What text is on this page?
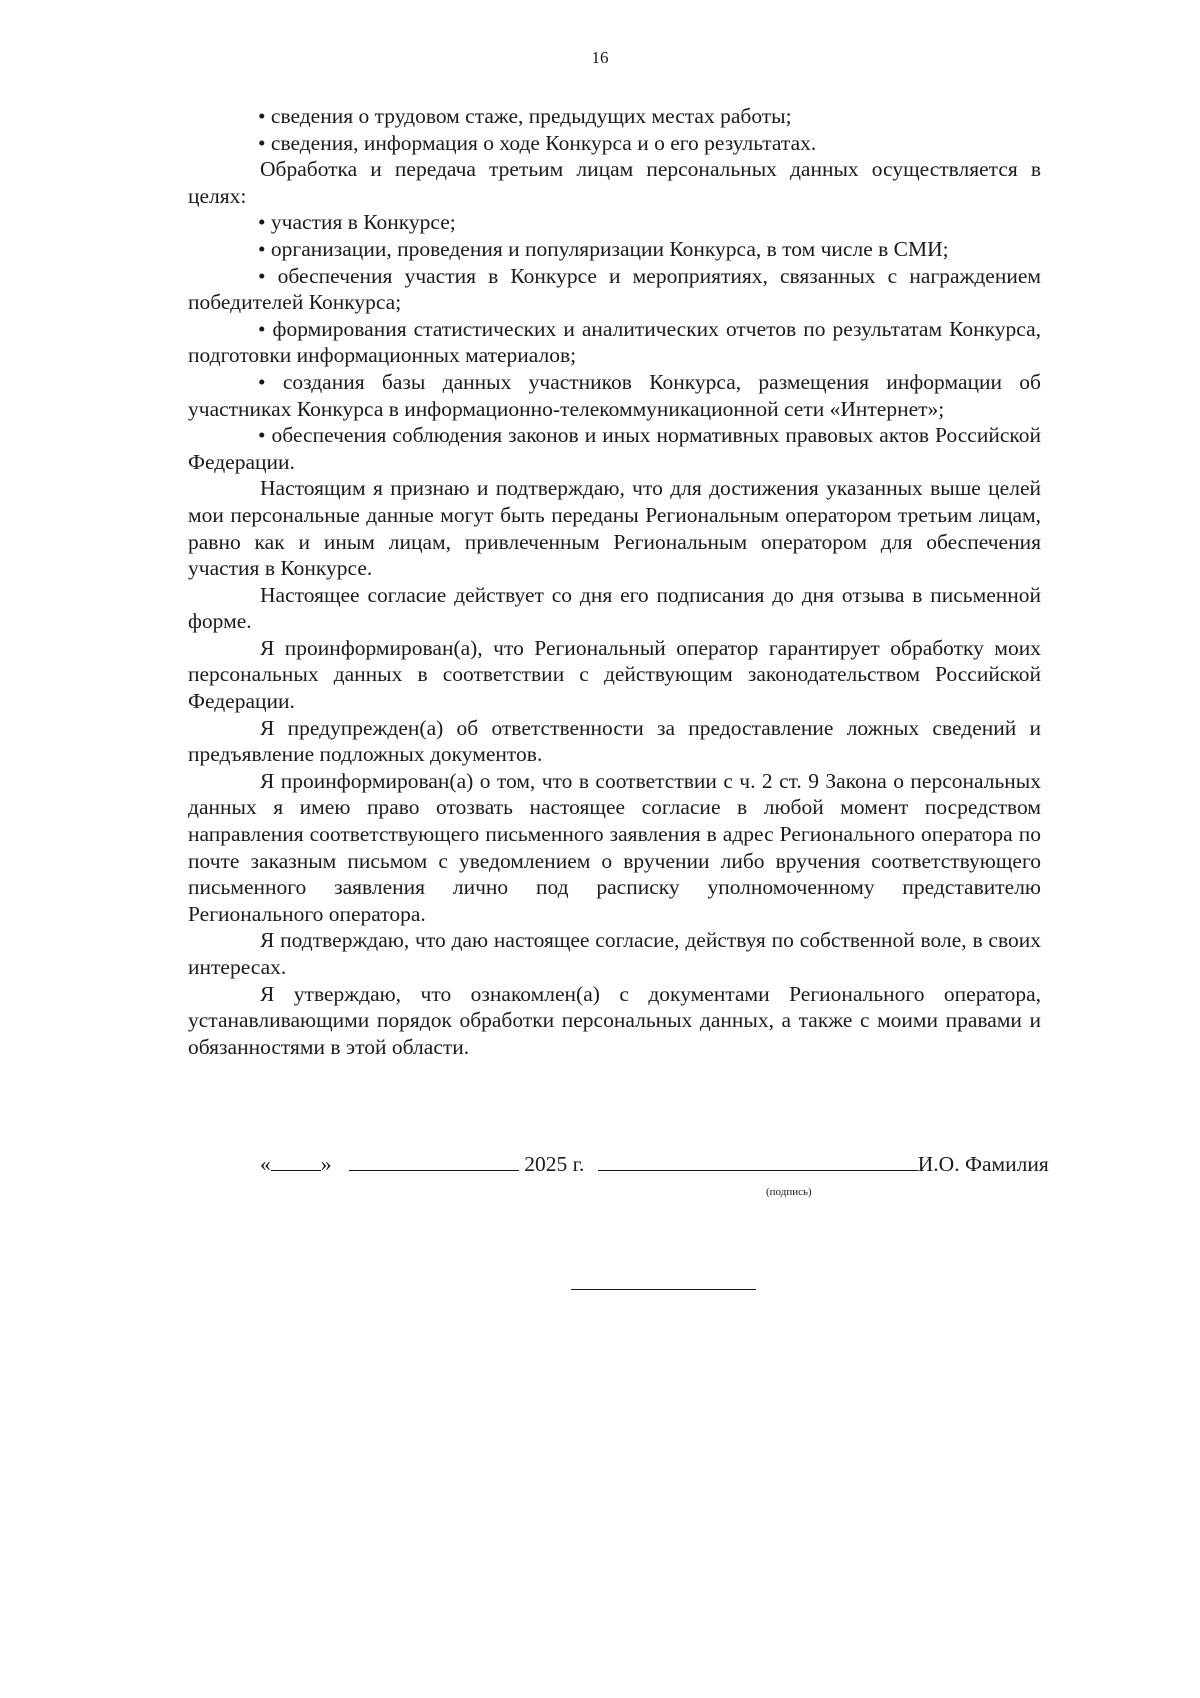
16

• сведения о трудовом стаже, предыдущих местах работы;

• сведения, информация о ходе Конкурса и о его результатах.

Обработка и передача третьим лицам персональных данных осуществляется в целях:

• участия в Конкурсе;

• организации, проведения и популяризации Конкурса, в том числе в СМИ;

• обеспечения участия в Конкурсе и мероприятиях, связанных с награждением победителей Конкурса;

• формирования статистических и аналитических отчетов по результатам Конкурса, подготовки информационных материалов;

• создания базы данных участников Конкурса, размещения информации об участниках Конкурса в информационно-телекоммуникационной сети «Интернет»;

• обеспечения соблюдения законов и иных нормативных правовых актов Российской Федерации.

Настоящим я признаю и подтверждаю, что для достижения указанных выше целей мои персональные данные могут быть переданы Региональным оператором третьим лицам, равно как и иным лицам, привлеченным Региональным оператором для обеспечения участия в Конкурсе.

Настоящее согласие действует со дня его подписания до дня отзыва в письменной форме.

Я проинформирован(а), что Региональный оператор гарантирует обработку моих персональных данных в соответствии с действующим законодательством Российской Федерации.

Я предупрежден(а) об ответственности за предоставление ложных сведений и предъявление подложных документов.

Я проинформирован(а) о том, что в соответствии с ч. 2 ст. 9 Закона о персональных данных я имею право отозвать настоящее согласие в любой момент посредством направления соответствующего письменного заявления в адрес Регионального оператора по почте заказным письмом с уведомлением о вручении либо вручения соответствующего письменного заявления лично под расписку уполномоченному представителю Регионального оператора.

Я подтверждаю, что даю настоящее согласие, действуя по собственной воле, в своих интересах.

Я утверждаю, что ознакомлен(а) с документами Регионального оператора, устанавливающими порядок обработки персональных данных, а также с моими правами и обязанностями в этой области.

« »	2025 г.	И.О. Фамилия
(подпись)
